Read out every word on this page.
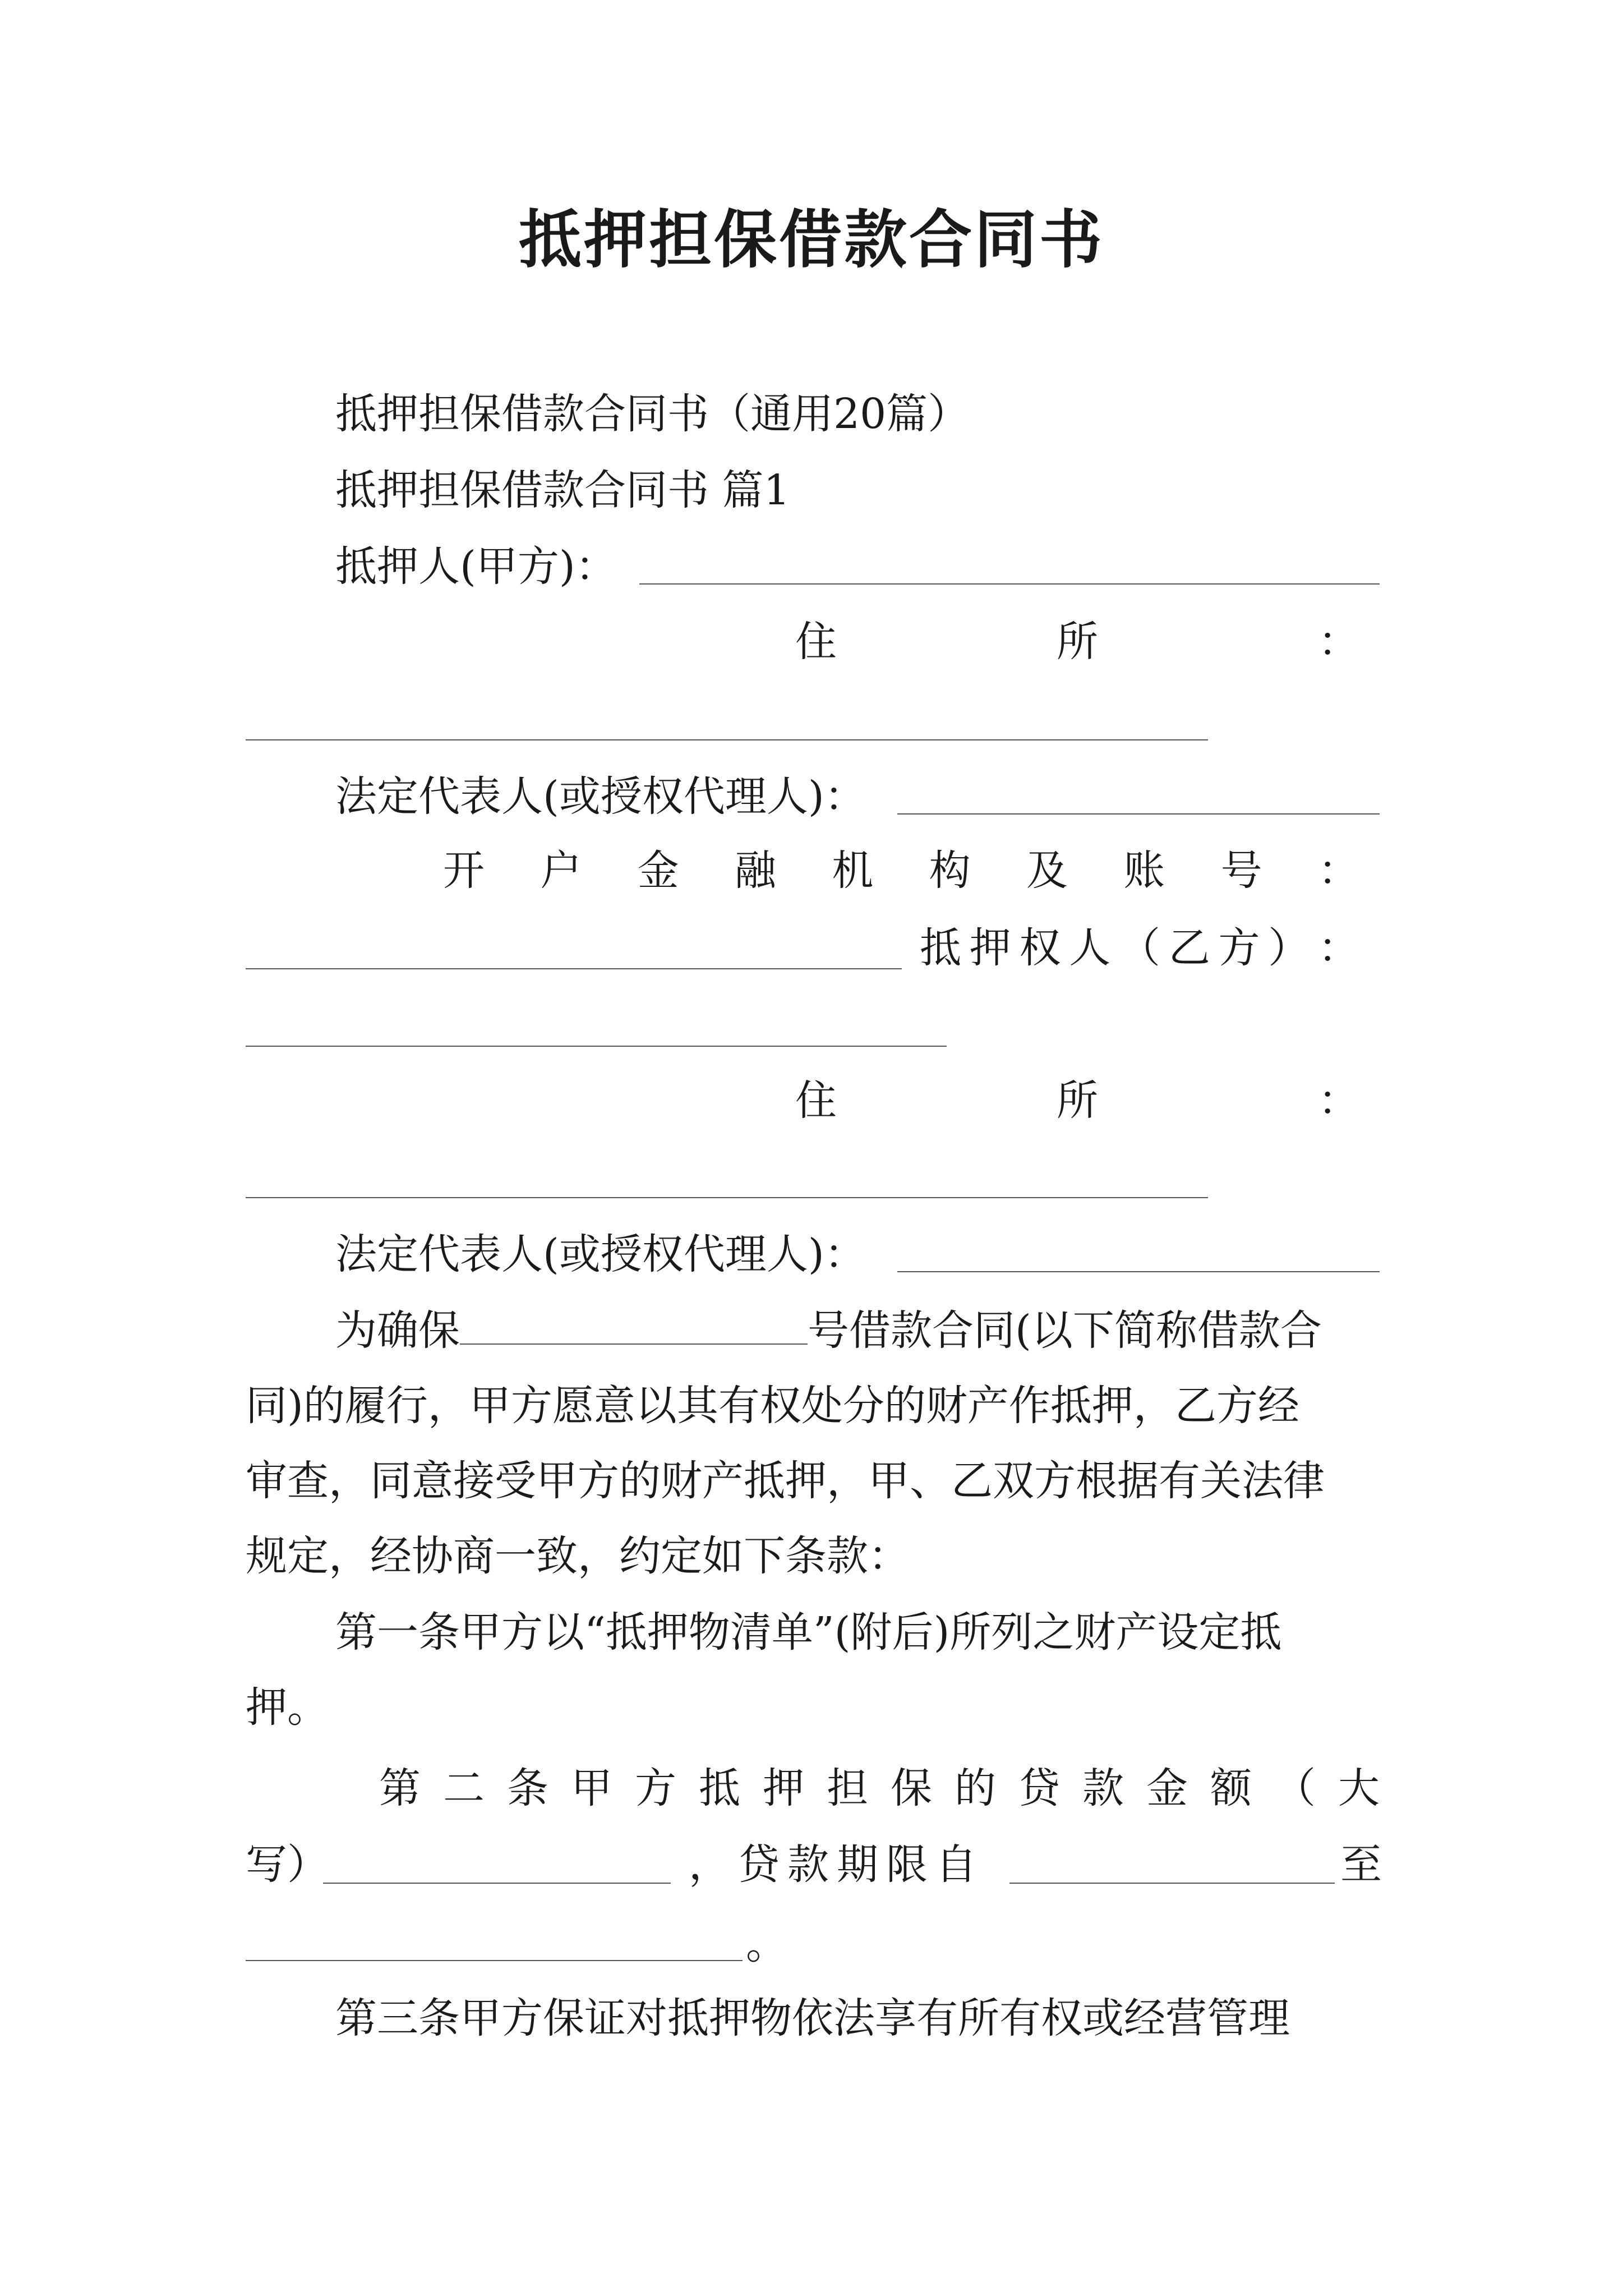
抵押担保借款合同书
抵押担保借款合同书（通用20篇）
抵押担保借款合同书 篇1
抵押人(甲方)：
住	所	：
法定代表人(或授权代理人)：
开 户 金 融 机 构 及 账 号 ：
抵 押 权 人 （ 乙 方 ） ：
住	所	：
法定代表人(或授权代理人)：
为确保	号借款合同(以下简称借款合
同)的履行，甲方愿意以其有权处分的财产作抵押，乙方经
审查，同意接受甲方的财产抵押，甲、乙双方根据有关法律
规定，经协商一致，约定如下条款：
第一条甲方以“抵押物清单”(附后)所列之财产设定抵
押。
第 二 条 甲 方 抵 押 担 保 的 贷 款 金 额 （ 大
写）	，贷款期限自	至
。
第三条甲方保证对抵押物依法享有所有权或经营管理
